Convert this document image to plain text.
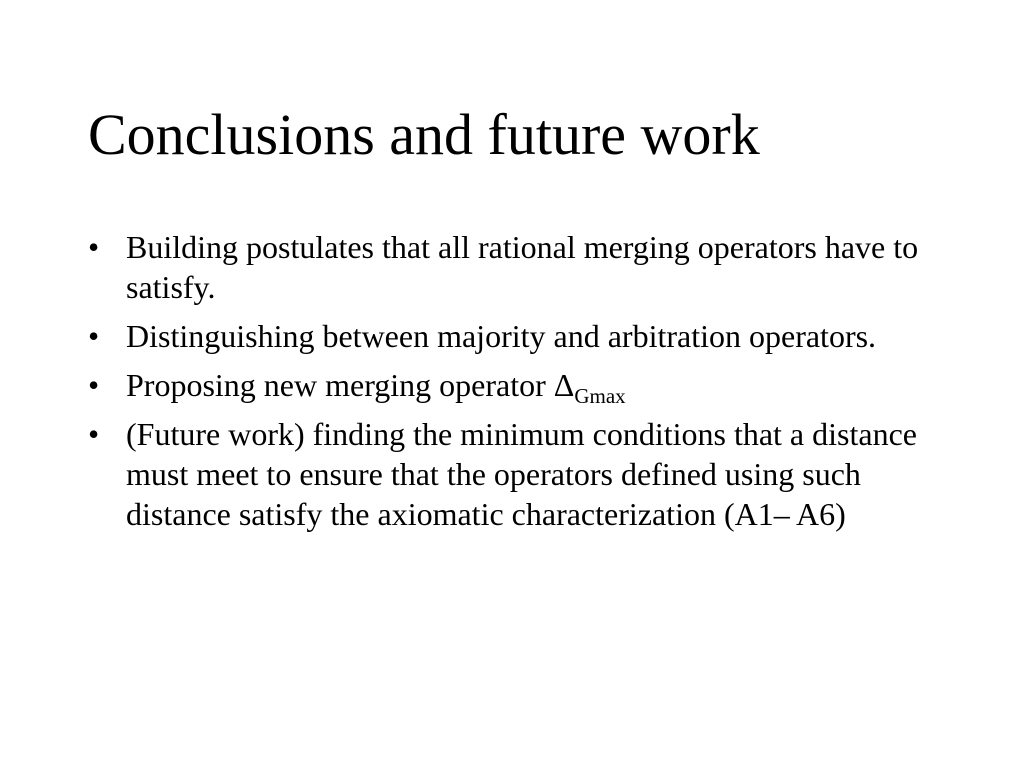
Conclusions and future work
• Building postulates that all rational merging operators have to satisfy.
• Distinguishing between majority and arbitration operators.
• Proposing new merging operator $\Delta_{Gmax}$
• (Future work) finding the minimum conditions that a distance must meet to ensure that the operators defined using such distance satisfy the axiomatic characterization (A1– A6)
